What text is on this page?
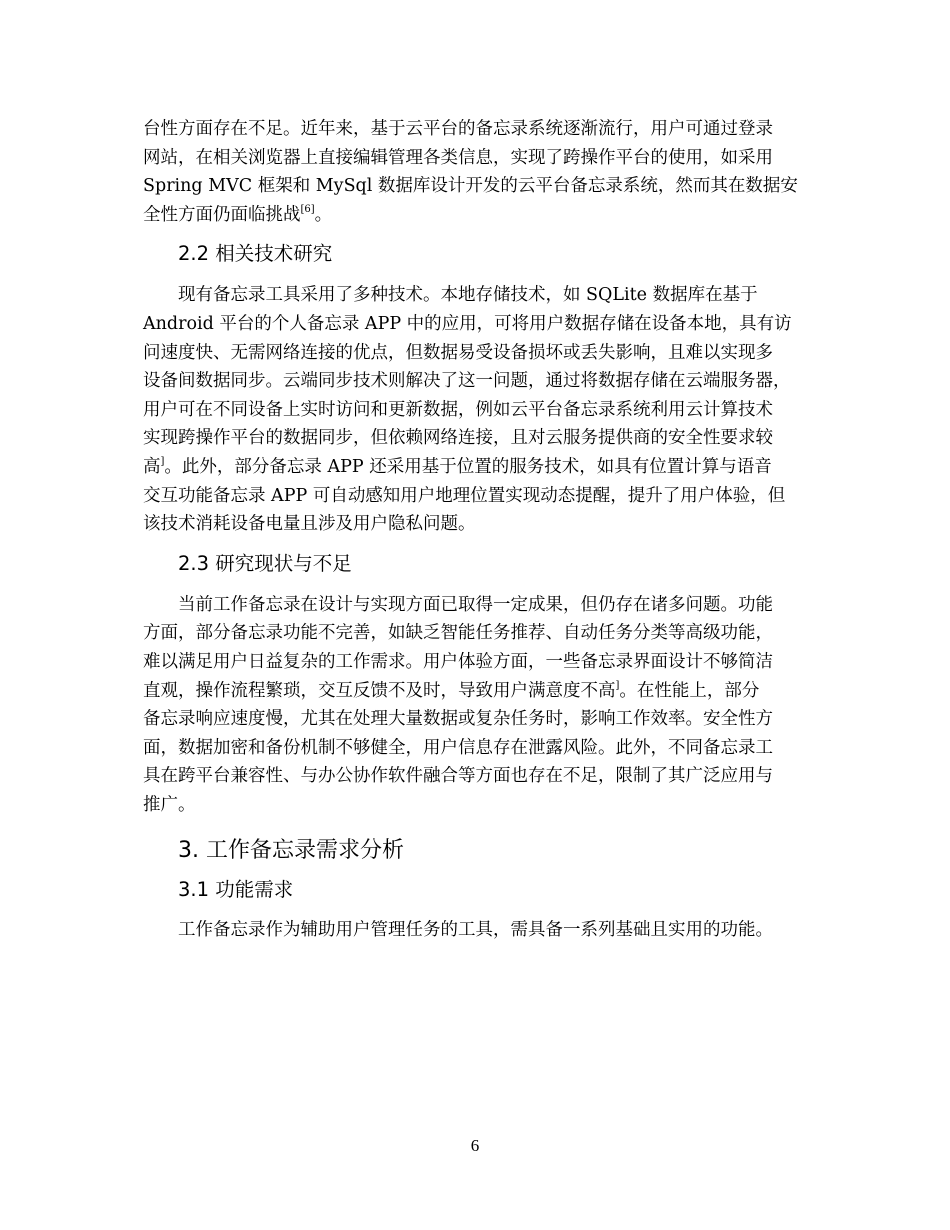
台性方面存在不足。近年来，基于云平台的备忘录系统逐渐流行，用户可通过登录
网站，在相关浏览器上直接编辑管理各类信息，实现了跨操作平台的使用，如采用
Spring MVC 框架和 MySql 数据库设计开发的云平台备忘录系统，然而其在数据安
全性方面仍面临挑战[6]。

2.2 相关技术研究

现有备忘录工具采用了多种技术。本地存储技术，如 SQLite 数据库在基于
Android 平台的个人备忘录 APP 中的应用，可将用户数据存储在设备本地，具有访
问速度快、无需网络连接的优点，但数据易受设备损坏或丢失影响，且难以实现多
设备间数据同步。云端同步技术则解决了这一问题，通过将数据存储在云端服务器，
用户可在不同设备上实时访问和更新数据，例如云平台备忘录系统利用云计算技术
实现跨操作平台的数据同步，但依赖网络连接，且对云服务提供商的安全性要求较
高]。此外，部分备忘录 APP 还采用基于位置的服务技术，如具有位置计算与语音
交互功能备忘录 APP 可自动感知用户地理位置实现动态提醒，提升了用户体验，但
该技术消耗设备电量且涉及用户隐私问题。

2.3 研究现状与不足

当前工作备忘录在设计与实现方面已取得一定成果，但仍存在诸多问题。功能
方面，部分备忘录功能不完善，如缺乏智能任务推荐、自动任务分类等高级功能，
难以满足用户日益复杂的工作需求。用户体验方面，一些备忘录界面设计不够简洁
直观，操作流程繁琐，交互反馈不及时，导致用户满意度不高]。在性能上，部分
备忘录响应速度慢，尤其在处理大量数据或复杂任务时，影响工作效率。安全性方
面，数据加密和备份机制不够健全，用户信息存在泄露风险。此外，不同备忘录工
具在跨平台兼容性、与办公协作软件融合等方面也存在不足，限制了其广泛应用与
推广。

3. 工作备忘录需求分析
3.1 功能需求

工作备忘录作为辅助用户管理任务的工具，需具备一系列基础且实用的功能。

6
